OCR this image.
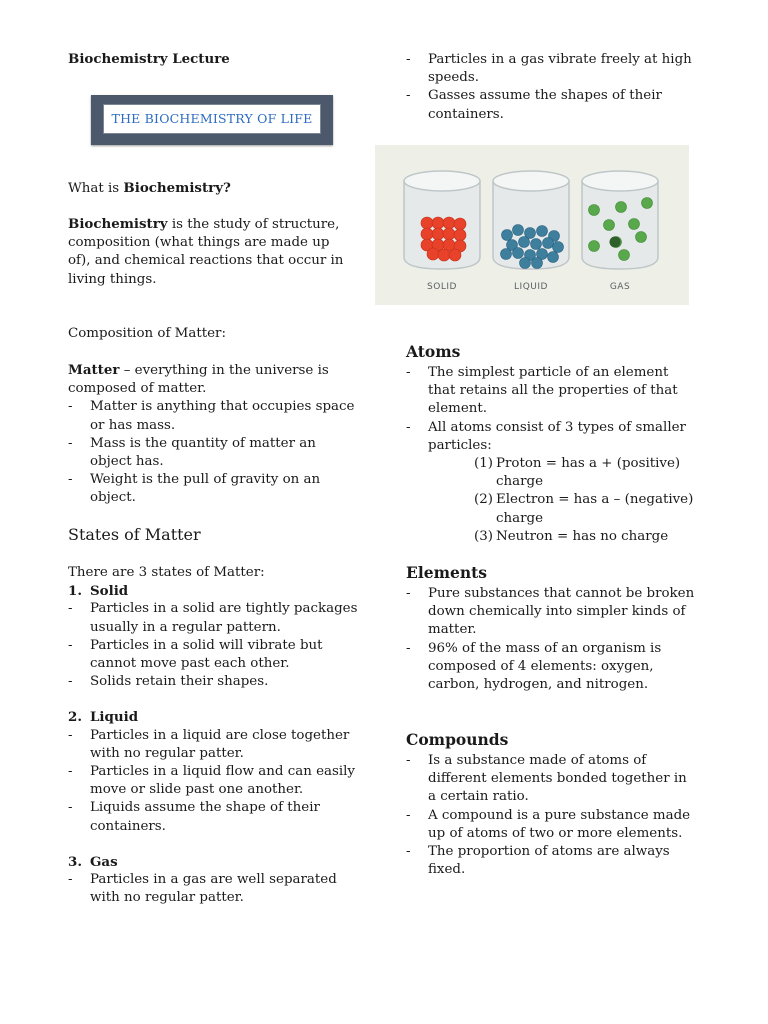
Biochemistry Lecture
THE BIOCHEMISTRY OF LIFE
What is Biochemistry?
Biochemistry is the study of structure, composition (what things are made up of), and chemical reactions that occur in living things.
Composition of Matter:

Matter – everything in the universe is composed of matter.

- Matter is anything that occupies space or has mass.

- Mass is the quantity of matter an object has.

- Weight is the pull of gravity on an object.

States of Matter

There are 3 states of Matter:

1. Solid

- Particles in a solid are tightly packages usually in a regular pattern.

- Particles in a solid will vibrate but cannot move past each other.

- Solids retain their shapes.

2. Liquid

- Particles in a liquid are close together with no regular patter.

- Particles in a liquid flow and can easily move or slide past one another.

- Liquids assume the shape of their containers.

3. Gas

- Particles in a gas are well separated with no regular patter.

- Particles in a gas vibrate freely at high speeds.

- Gasses assume the shapes of their containers.

SOLID	LIQUID	GAS
Atoms

- The simplest particle of an element that retains all the properties of that element.

- All atoms consist of 3 types of smaller particles:

(1) Proton = has a + (positive) charge

(2) Electron = has a – (negative) charge

(3) Neutron = has no charge

Elements

- Pure substances that cannot be broken down chemically into simpler kinds of matter.

- 96% of the mass of an organism is composed of 4 elements: oxygen, carbon, hydrogen, and nitrogen.

Compounds

- Is a substance made of atoms of different elements bonded together in a certain ratio.

- A compound is a pure substance made up of atoms of two or more elements.

- The proportion of atoms are always fixed.
